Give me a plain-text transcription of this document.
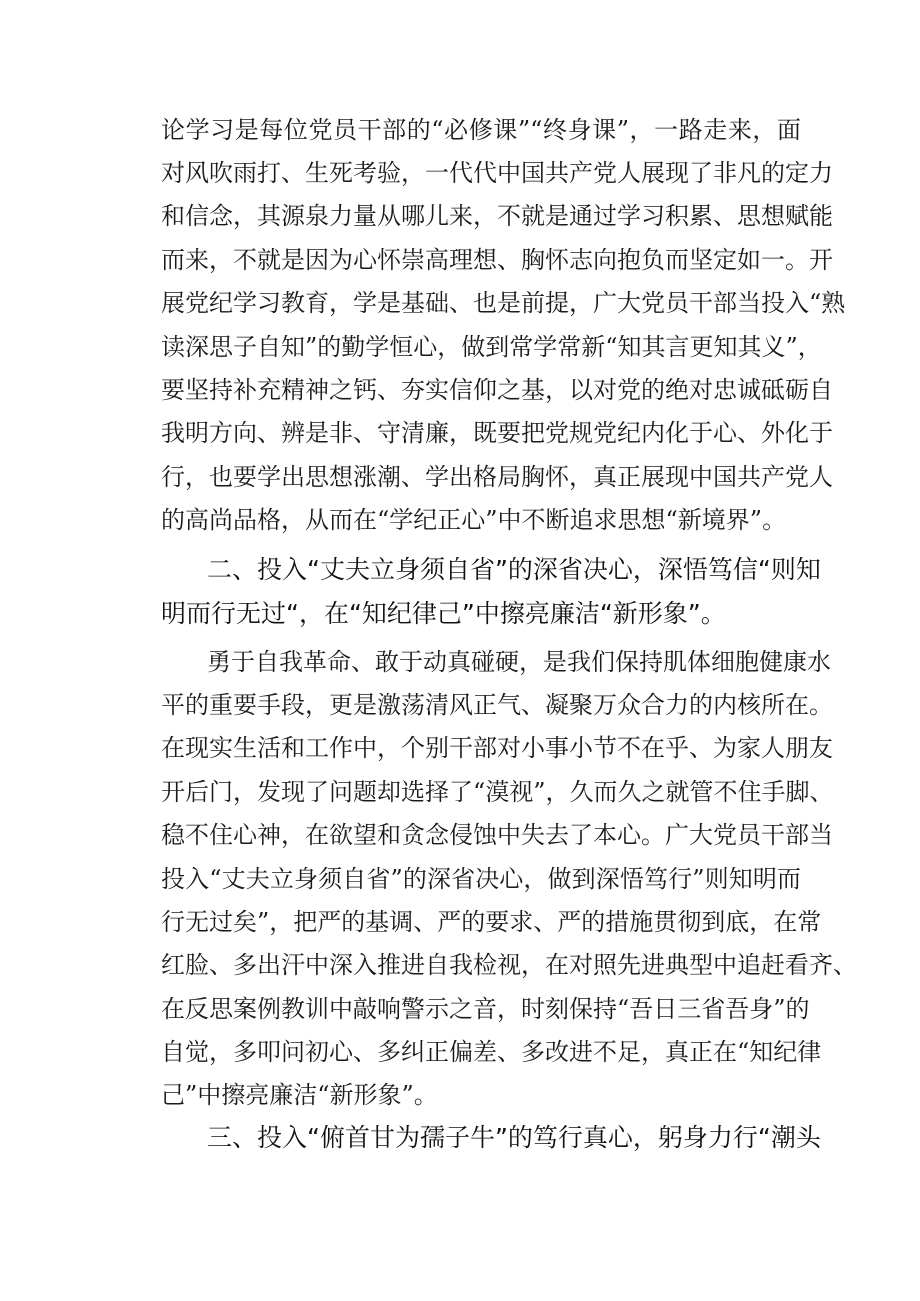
论学习是每位党员干部的“必修课”“终身课”，一路走来，面
对风吹雨打、生死考验，一代代中国共产党人展现了非凡的定力
和信念，其源泉力量从哪儿来，不就是通过学习积累、思想赋能
而来，不就是因为心怀崇高理想、胸怀志向抱负而坚定如一。开
展党纪学习教育，学是基础、也是前提，广大党员干部当投入“熟
读深思子自知”的勤学恒心，做到常学常新“知其言更知其义”，
要坚持补充精神之钙、夯实信仰之基，以对党的绝对忠诚砥砺自
我明方向、辨是非、守清廉，既要把党规党纪内化于心、外化于
行，也要学出思想涨潮、学出格局胸怀，真正展现中国共产党人
的高尚品格，从而在“学纪正心”中不断追求思想“新境界”。
二、投入“丈夫立身须自省”的深省决心，深悟笃信“则知
明而行无过“，在“知纪律己”中擦亮廉洁“新形象”。
勇于自我革命、敢于动真碰硬，是我们保持肌体细胞健康水
平的重要手段，更是激荡清风正气、凝聚万众合力的内核所在。
在现实生活和工作中，个别干部对小事小节不在乎、为家人朋友
开后门，发现了问题却选择了“漠视”，久而久之就管不住手脚、
稳不住心神，在欲望和贪念侵蚀中失去了本心。广大党员干部当
投入“丈夫立身须自省”的深省决心，做到深悟笃行”则知明而
行无过矣”，把严的基调、严的要求、严的措施贯彻到底，在常
红脸、多出汗中深入推进自我检视，在对照先进典型中追赶看齐、
在反思案例教训中敲响警示之音，时刻保持“吾日三省吾身”的
自觉，多叩问初心、多纠正偏差、多改进不足，真正在“知纪律
己”中擦亮廉洁“新形象”。
三、投入“俯首甘为孺子牛”的笃行真心，躬身力行“潮头
